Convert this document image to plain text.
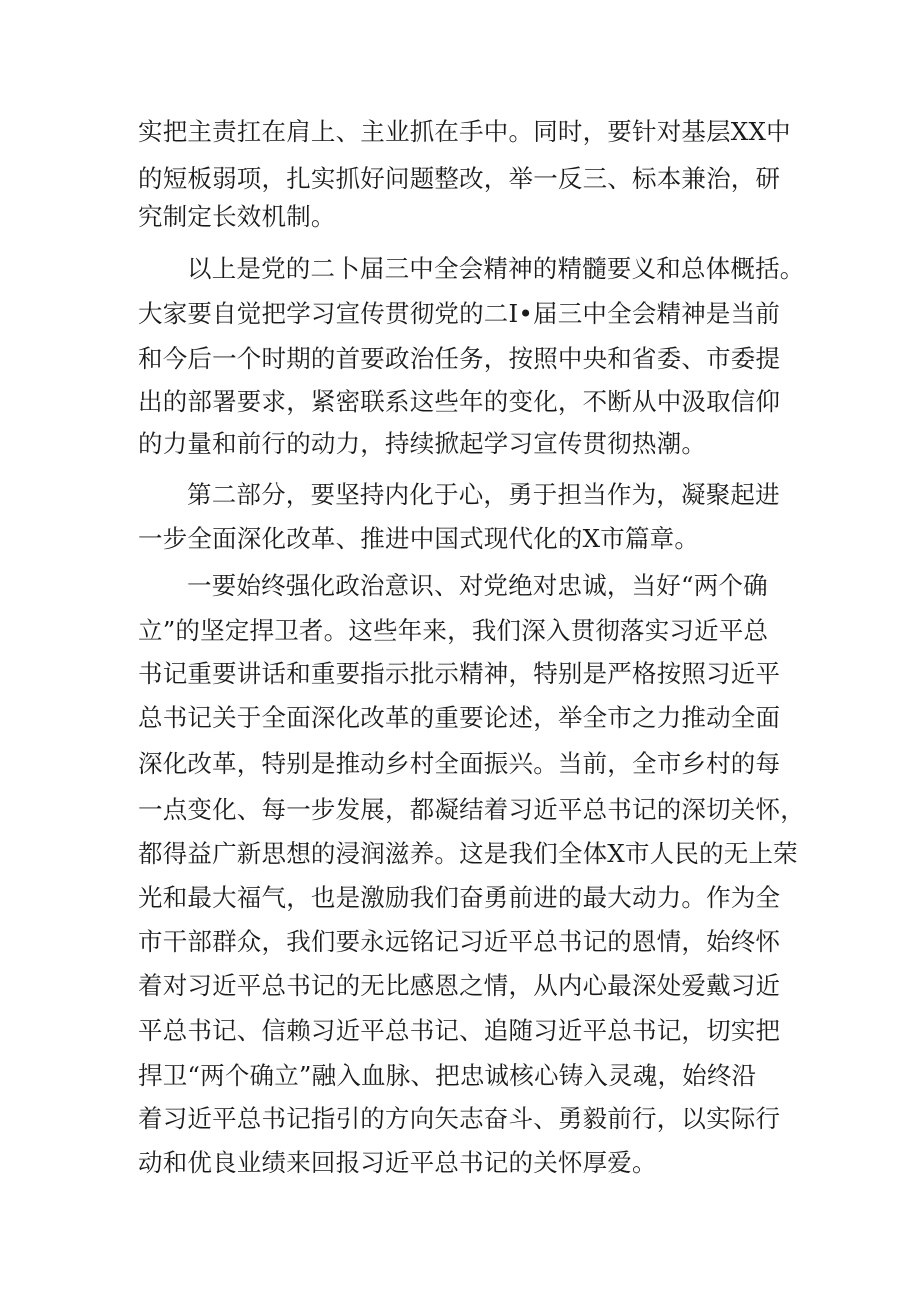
实把主责扛在肩上、主业抓在手中。同时，要针对基层XX中
的短板弱项，扎实抓好问题整改，举一反三、标本兼治，研
究制定长效机制。
以上是党的二卜届三中全会精神的精髓要义和总体概括。
大家要自觉把学习宣传贯彻党的二I•届三中全会精神是当前
和今后一个时期的首要政治任务，按照中央和省委、市委提
出的部署要求，紧密联系这些年的变化，不断从中汲取信仰
的力量和前行的动力，持续掀起学习宣传贯彻热潮。
第二部分，要坚持内化于心，勇于担当作为，凝聚起进
一步全面深化改革、推进中国式现代化的X市篇章。
一要始终强化政治意识、对党绝对忠诚，当好“两个确
立”的坚定捍卫者。这些年来，我们深入贯彻落实习近平总
书记重要讲话和重要指示批示精神，特别是严格按照习近平
总书记关于全面深化改革的重要论述，举全市之力推动全面
深化改革，特别是推动乡村全面振兴。当前，全市乡村的每
一点变化、每一步发展，都凝结着习近平总书记的深切关怀，
都得益广新思想的浸润滋养。这是我们全体X市人民的无上荣
光和最大福气，也是激励我们奋勇前进的最大动力。作为全
市干部群众，我们要永远铭记习近平总书记的恩情，始终怀
着对习近平总书记的无比感恩之情，从内心最深处爱戴习近
平总书记、信赖习近平总书记、追随习近平总书记，切实把
捍卫“两个确立”融入血脉、把忠诚核心铸入灵魂，始终沿
着习近平总书记指引的方向矢志奋斗、勇毅前行，以实际行
动和优良业绩来回报习近平总书记的关怀厚爱。
